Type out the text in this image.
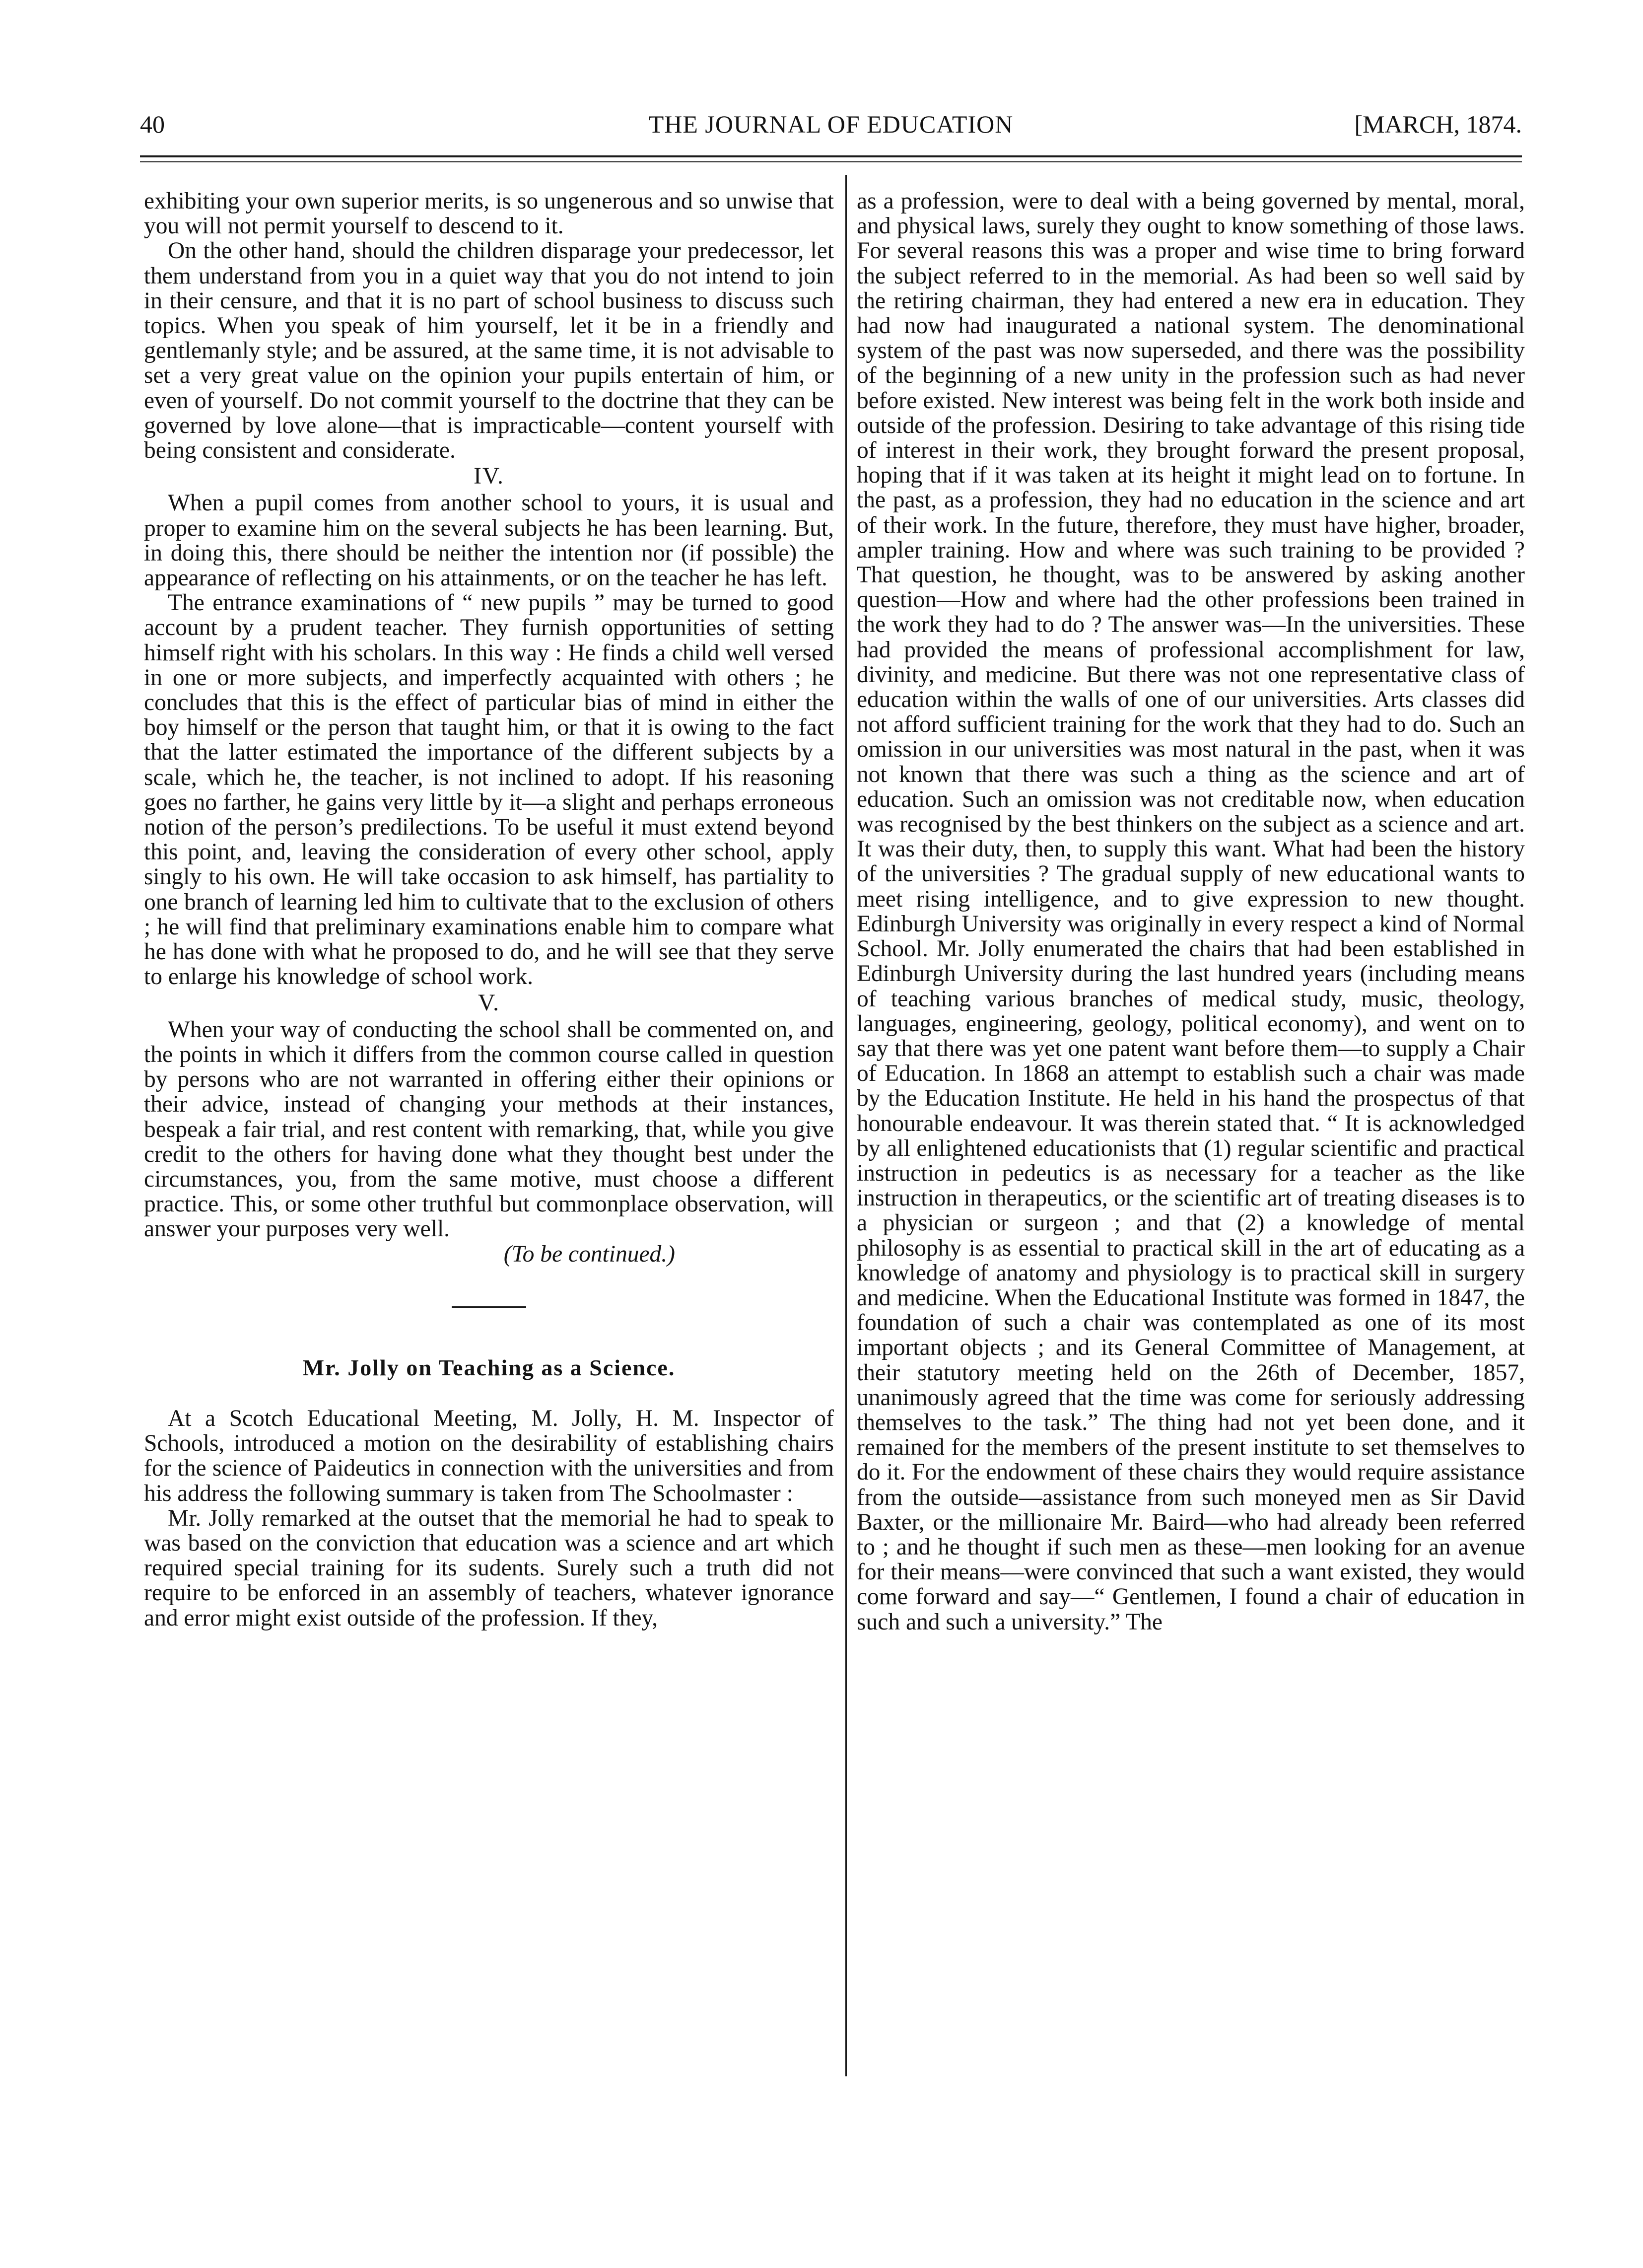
40	THE JOURNAL OF EDUCATION	[MARCH, 1874.

exhibiting your own superior merits, is so ungenerous and so unwise that you will not permit yourself to descend to it.

On the other hand, should the children disparage your predecessor, let them understand from you in a quiet way that you do not intend to join in their censure, and that it is no part of school business to discuss such topics. When you speak of him yourself, let it be in a friendly and gentlemanly style; and be assured, at the same time, it is not advisable to set a very great value on the opinion your pupils entertain of him, or even of yourself. Do not commit yourself to the doctrine that they can be governed by love alone—that is impracticable—content yourself with being consistent and considerate.

IV.

When a pupil comes from another school to yours, it is usual and proper to examine him on the several subjects he has been learning. But, in doing this, there should be neither the intention nor (if possible) the appearance of reflecting on his attainments, or on the teacher he has left.

The entrance examinations of “ new pupils ” may be turned to good account by a prudent teacher. They furnish opportunities of setting himself right with his scholars. In this way : He finds a child well versed in one or more subjects, and imperfectly acquainted with others ; he concludes that this is the effect of particular bias of mind in either the boy himself or the person that taught him, or that it is owing to the fact that the latter estimated the importance of the different subjects by a scale, which he, the teacher, is not inclined to adopt. If his reasoning goes no farther, he gains very little by it—a slight and perhaps erroneous notion of the person’s predilections. To be useful it must extend beyond this point, and, leaving the consideration of every other school, apply singly to his own. He will take occasion to ask himself, has partiality to one branch of learning led him to cultivate that to the exclusion of others ; he will find that preliminary examinations enable him to compare what he has done with what he proposed to do, and he will see that they serve to enlarge his knowledge of school work.

V.

When your way of conducting the school shall be commented on, and the points in which it differs from the common course called in question by persons who are not warranted in offering either their opinions or their advice, instead of changing your methods at their instances, bespeak a fair trial, and rest content with remarking, that, while you give credit to the others for having done what they thought best under the circumstances, you, from the same motive, must choose a different practice. This, or some other truthful but commonplace observation, will answer your purposes very well.

(To be continued.)
Mr. Jolly on Teaching as a Science.

At a Scotch Educational Meeting, M. Jolly, H. M. Inspector of Schools, introduced a motion on the desirability of establishing chairs for the science of Paideutics in connection with the universities and from his address the following summary is taken from The Schoolmaster :

Mr. Jolly remarked at the outset that the memorial he had to speak to was based on the conviction that education was a science and art which required special training for its sudents. Surely such a truth did not require to be enforced in an assembly of teachers, whatever ignorance and error might exist outside of the profession. If they,

as a profession, were to deal with a being governed by mental, moral, and physical laws, surely they ought to know something of those laws. For several reasons this was a proper and wise time to bring forward the subject referred to in the memorial. As had been so well said by the retiring chairman, they had entered a new era in education. They had now had inaugurated a national system. The denominational system of the past was now superseded, and there was the possibility of the beginning of a new unity in the profession such as had never before existed. New interest was being felt in the work both inside and outside of the profession. Desiring to take advantage of this rising tide of interest in their work, they brought forward the present proposal, hoping that if it was taken at its height it might lead on to fortune. In the past, as a profession, they had no education in the science and art of their work. In the future, therefore, they must have higher, broader, ampler training. How and where was such training to be provided ? That question, he thought, was to be answered by asking another question—How and where had the other professions been trained in the work they had to do ? The answer was—In the universities. These had provided the means of professional accomplishment for law, divinity, and medicine. But there was not one representative class of education within the walls of one of our universities. Arts classes did not afford sufficient training for the work that they had to do. Such an omission in our universities was most natural in the past, when it was not known that there was such a thing as the science and art of education. Such an omission was not creditable now, when education was recognised by the best thinkers on the subject as a science and art. It was their duty, then, to supply this want. What had been the history of the universities ? The gradual supply of new educational wants to meet rising intelligence, and to give expression to new thought. Edinburgh University was originally in every respect a kind of Normal School. Mr. Jolly enumerated the chairs that had been established in Edinburgh University during the last hundred years (including means of teaching various branches of medical study, music, theology, languages, engineering, geology, political economy), and went on to say that there was yet one patent want before them—to supply a Chair of Education. In 1868 an attempt to establish such a chair was made by the Education Institute. He held in his hand the prospectus of that honourable endeavour. It was therein stated that. “ It is acknowledged by all enlightened educationists that (1) regular scientific and practical instruction in pedeutics is as necessary for a teacher as the like instruction in therapeutics, or the scientific art of treating diseases is to a physician or surgeon ; and that (2) a knowledge of mental philosophy is as essential to practical skill in the art of educating as a knowledge of anatomy and physiology is to practical skill in surgery and medicine. When the Educational Institute was formed in 1847, the foundation of such a chair was contemplated as one of its most important objects ; and its General Committee of Management, at their statutory meeting held on the 26th of December, 1857, unanimously agreed that the time was come for seriously addressing themselves to the task.” The thing had not yet been done, and it remained for the members of the present institute to set themselves to do it. For the endowment of these chairs they would require assistance from the outside—assistance from such moneyed men as Sir David Baxter, or the millionaire Mr. Baird—who had already been referred to ; and he thought if such men as these—men looking for an avenue for their means—were convinced that such a want existed, they would come forward and say—“ Gentlemen, I found a chair of education in such and such a university.” The
